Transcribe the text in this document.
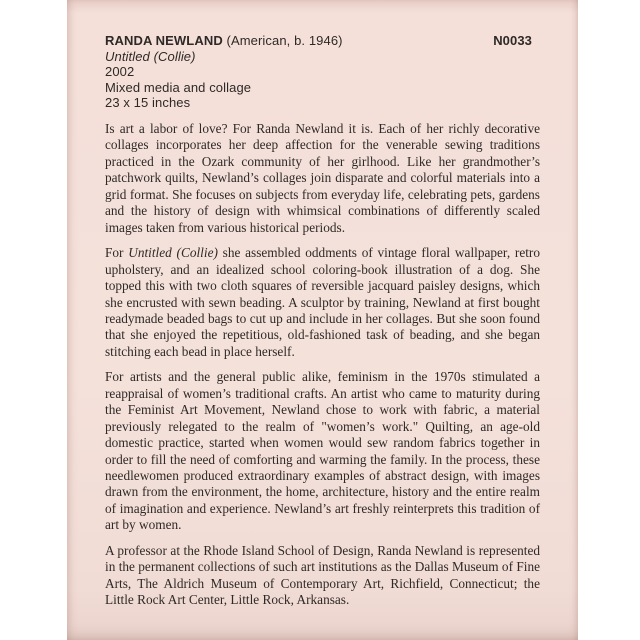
RANDA NEWLAND (American, b. 1946)
Untitled (Collie)
2002
Mixed media and collage
23 x 15 inches
N0033

Is art a labor of love? For Randa Newland it is. Each of her richly decorative collages incorporates her deep affection for the venerable sewing traditions practiced in the Ozark community of her girlhood. Like her grandmother’s patchwork quilts, Newland’s collages join disparate and colorful materials into a grid format. She focuses on subjects from everyday life, celebrating pets, gardens and the history of design with whimsical combinations of differently scaled images taken from various historical periods.

For Untitled (Collie) she assembled oddments of vintage floral wallpaper, retro upholstery, and an idealized school coloring-book illustration of a dog. She topped this with two cloth squares of reversible jacquard paisley designs, which she encrusted with sewn beading. A sculptor by training, Newland at first bought readymade beaded bags to cut up and include in her collages. But she soon found that she enjoyed the repetitious, old-fashioned task of beading, and she began stitching each bead in place herself.

For artists and the general public alike, feminism in the 1970s stimulated a reappraisal of women’s traditional crafts. An artist who came to maturity during the Feminist Art Movement, Newland chose to work with fabric, a material previously relegated to the realm of "women’s work." Quilting, an age-old domestic practice, started when women would sew random fabrics together in order to fill the need of comforting and warming the family. In the process, these needlewomen produced extraordinary examples of abstract design, with images drawn from the environment, the home, architecture, history and the entire realm of imagination and experience. Newland’s art freshly reinterprets this tradition of art by women.

A professor at the Rhode Island School of Design, Randa Newland is represented in the permanent collections of such art institutions as the Dallas Museum of Fine Arts, The Aldrich Museum of Contemporary Art, Richfield, Connecticut; the Little Rock Art Center, Little Rock, Arkansas.
